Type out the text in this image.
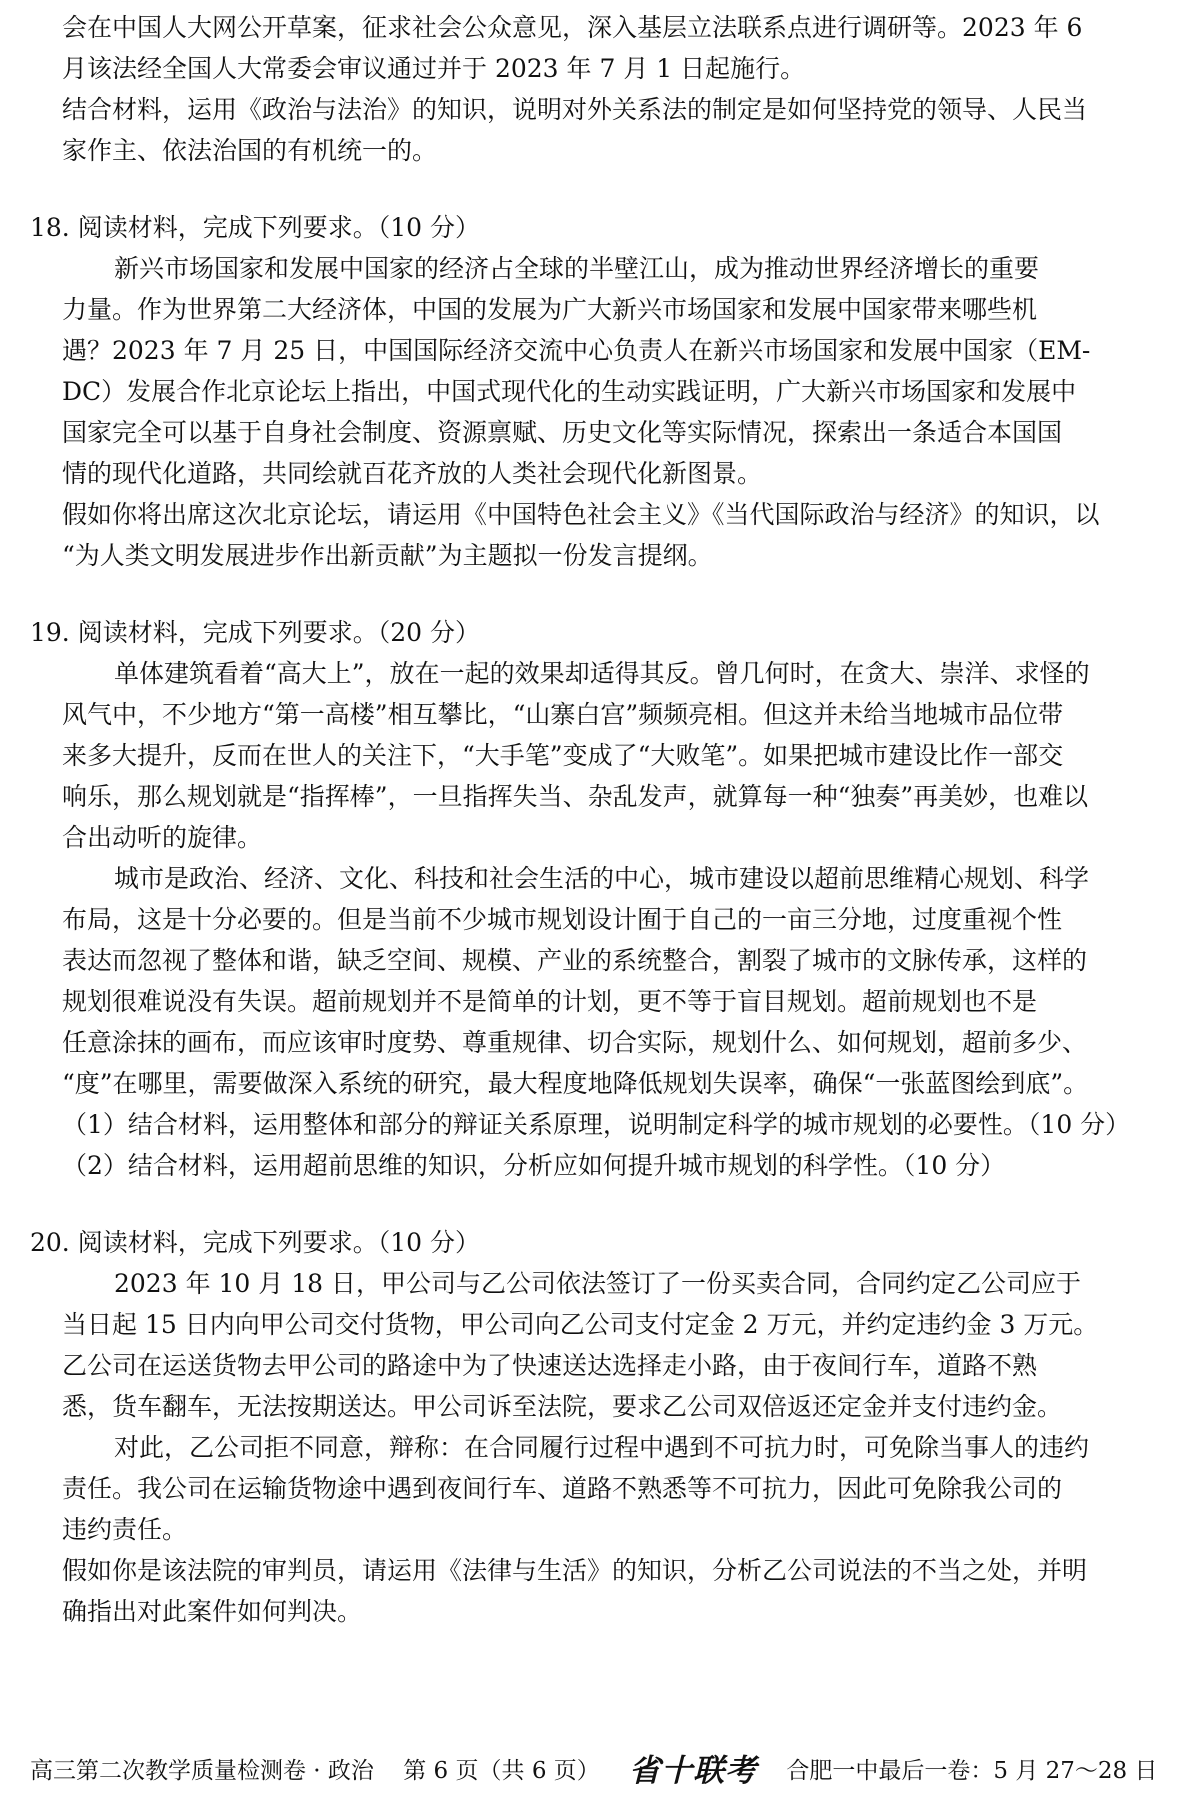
会在中国人大网公开草案，征求社会公众意见，深入基层立法联系点进行调研等。2023 年 6
月该法经全国人大常委会审议通过并于 2023 年 7 月 1 日起施行。
结合材料，运用《政治与法治》的知识，说明对外关系法的制定是如何坚持党的领导、人民当
家作主、依法治国的有机统一的。
18. 阅读材料，完成下列要求。（10 分）
新兴市场国家和发展中国家的经济占全球的半壁江山，成为推动世界经济增长的重要
力量。作为世界第二大经济体，中国的发展为广大新兴市场国家和发展中国家带来哪些机
遇？2023 年 7 月 25 日，中国国际经济交流中心负责人在新兴市场国家和发展中国家（EM-
DC）发展合作北京论坛上指出，中国式现代化的生动实践证明，广大新兴市场国家和发展中
国家完全可以基于自身社会制度、资源禀赋、历史文化等实际情况，探索出一条适合本国国
情的现代化道路，共同绘就百花齐放的人类社会现代化新图景。
假如你将出席这次北京论坛，请运用《中国特色社会主义》《当代国际政治与经济》的知识，以
“为人类文明发展进步作出新贡献”为主题拟一份发言提纲。
19. 阅读材料，完成下列要求。（20 分）
单体建筑看着“高大上”，放在一起的效果却适得其反。曾几何时，在贪大、崇洋、求怪的
风气中，不少地方“第一高楼”相互攀比，“山寨白宫”频频亮相。但这并未给当地城市品位带
来多大提升，反而在世人的关注下，“大手笔”变成了“大败笔”。如果把城市建设比作一部交
响乐，那么规划就是“指挥棒”，一旦指挥失当、杂乱发声，就算每一种“独奏”再美妙，也难以
合出动听的旋律。
城市是政治、经济、文化、科技和社会生活的中心，城市建设以超前思维精心规划、科学
布局，这是十分必要的。但是当前不少城市规划设计囿于自己的一亩三分地，过度重视个性
表达而忽视了整体和谐，缺乏空间、规模、产业的系统整合，割裂了城市的文脉传承，这样的
规划很难说没有失误。超前规划并不是简单的计划，更不等于盲目规划。超前规划也不是
任意涂抹的画布，而应该审时度势、尊重规律、切合实际，规划什么、如何规划，超前多少、
“度”在哪里，需要做深入系统的研究，最大程度地降低规划失误率，确保“一张蓝图绘到底”。
（1）结合材料，运用整体和部分的辩证关系原理，说明制定科学的城市规划的必要性。（10 分）
（2）结合材料，运用超前思维的知识，分析应如何提升城市规划的科学性。（10 分）
20. 阅读材料，完成下列要求。（10 分）
2023 年 10 月 18 日，甲公司与乙公司依法签订了一份买卖合同，合同约定乙公司应于
当日起 15 日内向甲公司交付货物，甲公司向乙公司支付定金 2 万元，并约定违约金 3 万元。
乙公司在运送货物去甲公司的路途中为了快速送达选择走小路，由于夜间行车，道路不熟
悉，货车翻车，无法按期送达。甲公司诉至法院，要求乙公司双倍返还定金并支付违约金。
对此，乙公司拒不同意，辩称：在合同履行过程中遇到不可抗力时，可免除当事人的违约
责任。我公司在运输货物途中遇到夜间行车、道路不熟悉等不可抗力，因此可免除我公司的
违约责任。
假如你是该法院的审判员，请运用《法律与生活》的知识，分析乙公司说法的不当之处，并明
确指出对此案件如何判决。
高三第二次教学质量检测卷 · 政治 第 6 页（共 6 页） 省十联考 合肥一中最后一卷：5 月 27～28 日
